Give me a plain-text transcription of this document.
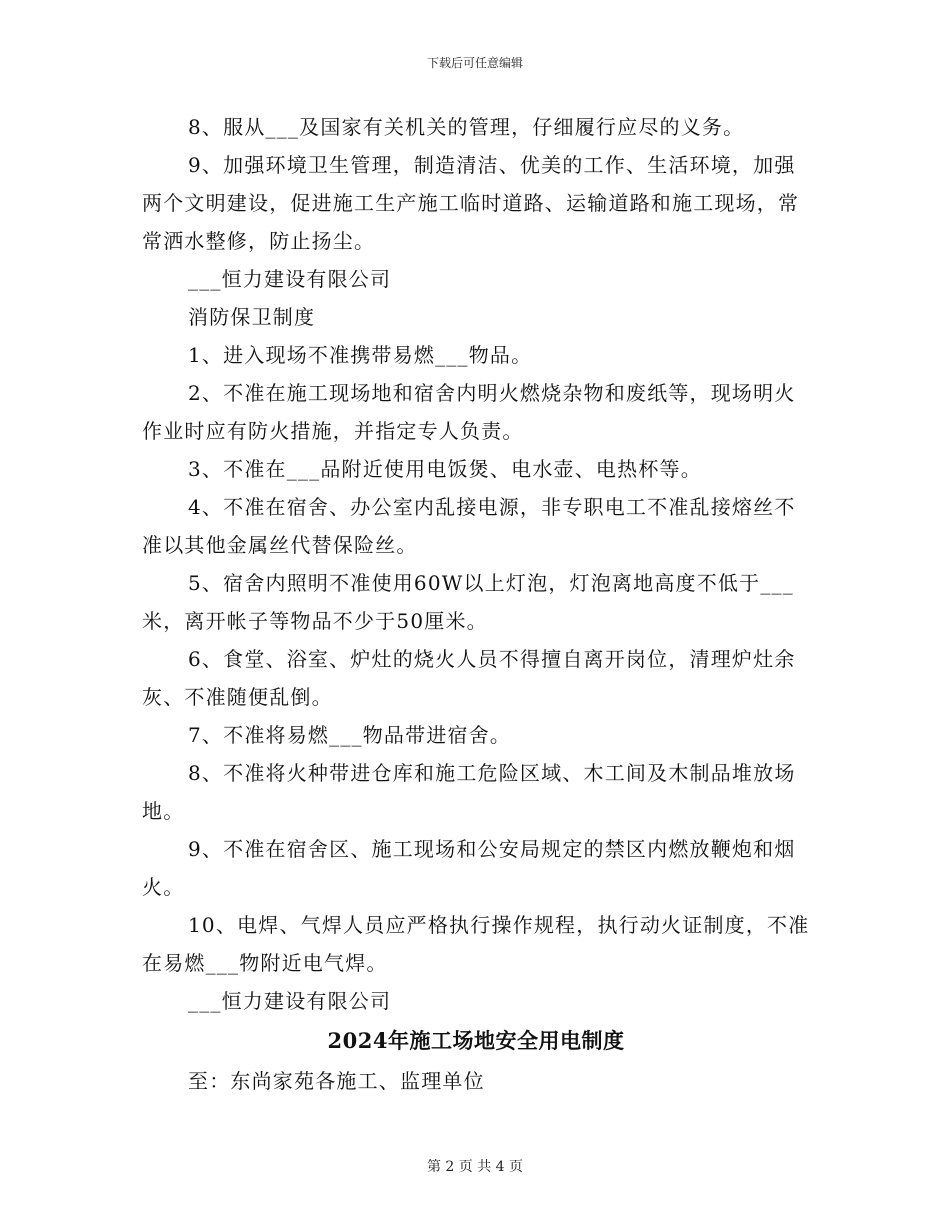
下载后可任意编辑

8、服从___及国家有关机关的管理，仔细履行应尽的义务。

9、加强环境卫生管理，制造清洁、优美的工作、生活环境，加强两个文明建设，促进施工生产施工临时道路、运输道路和施工现场，常常洒水整修，防止扬尘。

___恒力建设有限公司

消防保卫制度

1、进入现场不准携带易燃___物品。

2、不准在施工现场地和宿舍内明火燃烧杂物和废纸等，现场明火作业时应有防火措施，并指定专人负责。

3、不准在___品附近使用电饭煲、电水壶、电热杯等。

4、不准在宿舍、办公室内乱接电源，非专职电工不准乱接熔丝不准以其他金属丝代替保险丝。

5、宿舍内照明不准使用60W以上灯泡，灯泡离地高度不低于___米，离开帐子等物品不少于50厘米。

6、食堂、浴室、炉灶的烧火人员不得擅自离开岗位，清理炉灶余灰、不准随便乱倒。

7、不准将易燃___物品带进宿舍。

8、不准将火种带进仓库和施工危险区域、木工间及木制品堆放场地。

9、不准在宿舍区、施工现场和公安局规定的禁区内燃放鞭炮和烟火。

10、电焊、气焊人员应严格执行操作规程，执行动火证制度，不准在易燃___物附近电气焊。

___恒力建设有限公司

2024年施工场地安全用电制度

至：东尚家苑各施工、监理单位

第 2 页 共 4 页
